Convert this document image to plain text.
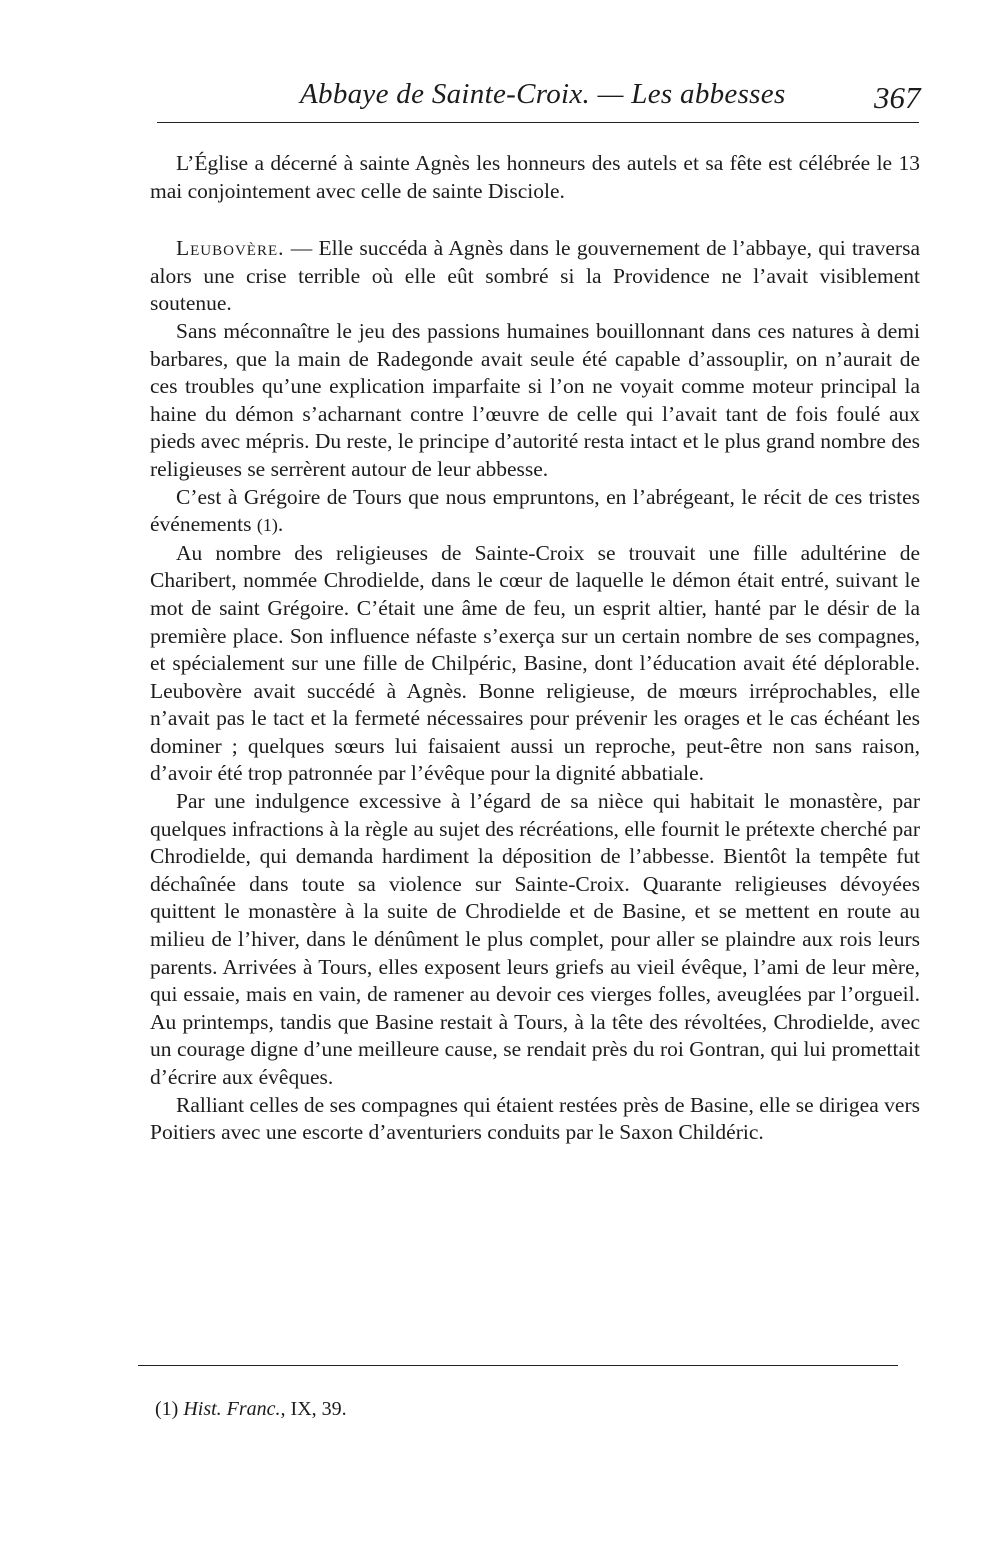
Abbaye de Sainte-Croix. — Les abbesses	367

L’Église a décerné à sainte Agnès les honneurs des autels et sa fête est célébrée le 13 mai conjointement avec celle de sainte Disciole.

Leubovère. — Elle succéda à Agnès dans le gouvernement de l’abbaye, qui traversa alors une crise terrible où elle eût sombré si la Providence ne l’avait visiblement soutenue.

Sans méconnaître le jeu des passions humaines bouillonnant dans ces natures à demi barbares, que la main de Radegonde avait seule été capable d’assouplir, on n’aurait de ces troubles qu’une explication imparfaite si l’on ne voyait comme moteur principal la haine du démon s’acharnant contre l’œuvre de celle qui l’avait tant de fois foulé aux pieds avec mépris. Du reste, le principe d’autorité resta intact et le plus grand nombre des religieuses se serrèrent autour de leur abbesse.

C’est à Grégoire de Tours que nous empruntons, en l’abrégeant, le récit de ces tristes événements (1).

Au nombre des religieuses de Sainte-Croix se trouvait une fille adultérine de Charibert, nommée Chrodielde, dans le cœur de laquelle le démon était entré, suivant le mot de saint Grégoire. C’était une âme de feu, un esprit altier, hanté par le désir de la première place. Son influence néfaste s’exerça sur un certain nombre de ses compagnes, et spécialement sur une fille de Chilpéric, Basine, dont l’éducation avait été déplorable. Leubovère avait succédé à Agnès. Bonne religieuse, de mœurs irréprochables, elle n’avait pas le tact et la fermeté nécessaires pour prévenir les orages et le cas échéant les dominer ; quelques sœurs lui faisaient aussi un reproche, peut-être non sans raison, d’avoir été trop patronnée par l’évêque pour la dignité abbatiale.

Par une indulgence excessive à l’égard de sa nièce qui habitait le monastère, par quelques infractions à la règle au sujet des récréations, elle fournit le prétexte cherché par Chrodielde, qui demanda hardiment la déposition de l’abbesse. Bientôt la tempête fut déchaînée dans toute sa violence sur Sainte-Croix. Quarante religieuses dévoyées quittent le monastère à la suite de Chrodielde et de Basine, et se mettent en route au milieu de l’hiver, dans le dénûment le plus complet, pour aller se plaindre aux rois leurs parents. Arrivées à Tours, elles exposent leurs griefs au vieil évêque, l’ami de leur mère, qui essaie, mais en vain, de ramener au devoir ces vierges folles, aveuglées par l’orgueil. Au printemps, tandis que Basine restait à Tours, à la tête des révoltées, Chrodielde, avec un courage digne d’une meilleure cause, se rendait près du roi Gontran, qui lui promettait d’écrire aux évêques.

Ralliant celles de ses compagnes qui étaient restées près de Basine, elle se dirigea vers Poitiers avec une escorte d’aventuriers conduits par le Saxon Childéric.

(1) Hist. Franc., IX, 39.
